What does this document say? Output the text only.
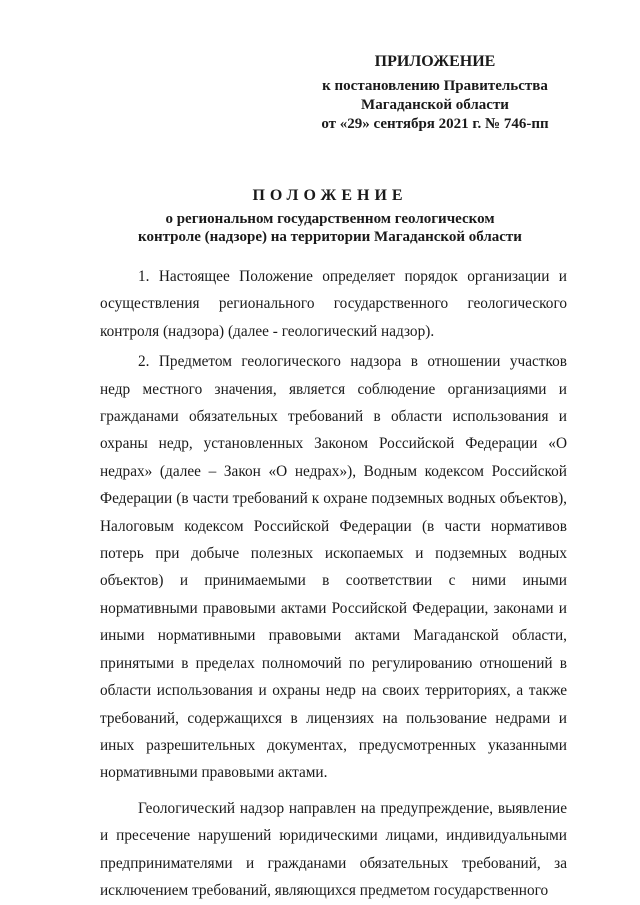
ПРИЛОЖЕНИЕ
к постановлению Правительства
Магаданской области
от «29» сентября 2021 г. № 746-пп
ПОЛОЖЕНИЕ
о региональном государственном геологическом
контроле (надзоре) на территории Магаданской области

1. Настоящее Положение определяет порядок организации и осуществления регионального государственного геологического контроля (надзора) (далее - геологический надзор).

2. Предметом геологического надзора в отношении участков недр местного значения, является соблюдение организациями и гражданами обязательных требований в области использования и охраны недр, установленных Законом Российской Федерации «О недрах» (далее – Закон «О недрах»), Водным кодексом Российской Федерации (в части требований к охране подземных водных объектов), Налоговым кодексом Российской Федерации (в части нормативов потерь при добыче полезных ископаемых и подземных водных объектов) и принимаемыми в соответствии с ними иными нормативными правовыми актами Российской Федерации, законами и иными нормативными правовыми актами Магаданской области, принятыми в пределах полномочий по регулированию отношений в области использования и охраны недр на своих территориях, а также требований, содержащихся в лицензиях на пользование недрами и иных разрешительных документах, предусмотренных указанными нормативными правовыми актами.

Геологический надзор направлен на предупреждение, выявление и пресечение нарушений юридическими лицами, индивидуальными предпринимателями и гражданами обязательных требований, за исключением требований, являющихся предметом государственного
